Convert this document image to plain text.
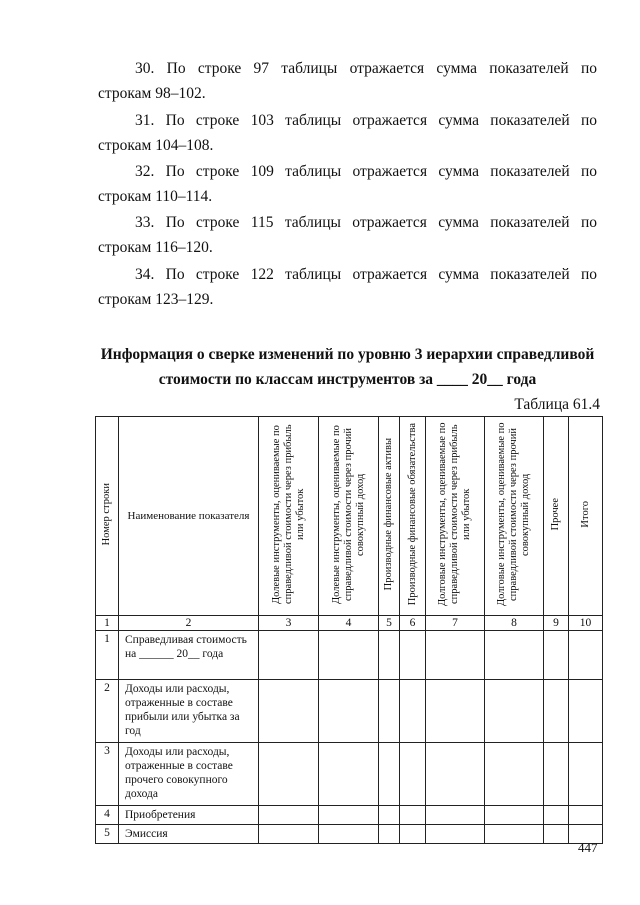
30. По строке 97 таблицы отражается сумма показателей по
строкам 98–102.
31. По строке 103 таблицы отражается сумма показателей по
строкам 104–108.
32. По строке 109 таблицы отражается сумма показателей по
строкам 110–114.
33. По строке 115 таблицы отражается сумма показателей по
строкам 116–120.
34. По строке 122 таблицы отражается сумма показателей по
строкам 123–129.
Информация о сверке изменений по уровню 3 иерархии справедливой
стоимости по классам инструментов за ____ 20__ года
Таблица 61.4
Номер строки	Наименование показателя	Долевые инструменты, оцениваемые по справедливой стоимости через прибыль или убыток	Долевые инструменты, оцениваемые по справедливой стоимости через прочий совокупный доход	Производные финансовые активы	Производные финансовые обязательства	Долговые инструменты, оцениваемые по справедливой стоимости через прибыль или убыток	Долговые инструменты, оцениваемые по справедливой стоимости через прочий совокупный доход	Прочее	Итого
1	2	3	4	5	6	7	8	9	10
1	Справедливая стоимость на ______ 20__ года								
2	Доходы или расходы, отраженные в составе прибыли или убытка за год								
3	Доходы или расходы, отраженные в составе прочего совокупного дохода								
4	Приобретения								
5	Эмиссия								
447
